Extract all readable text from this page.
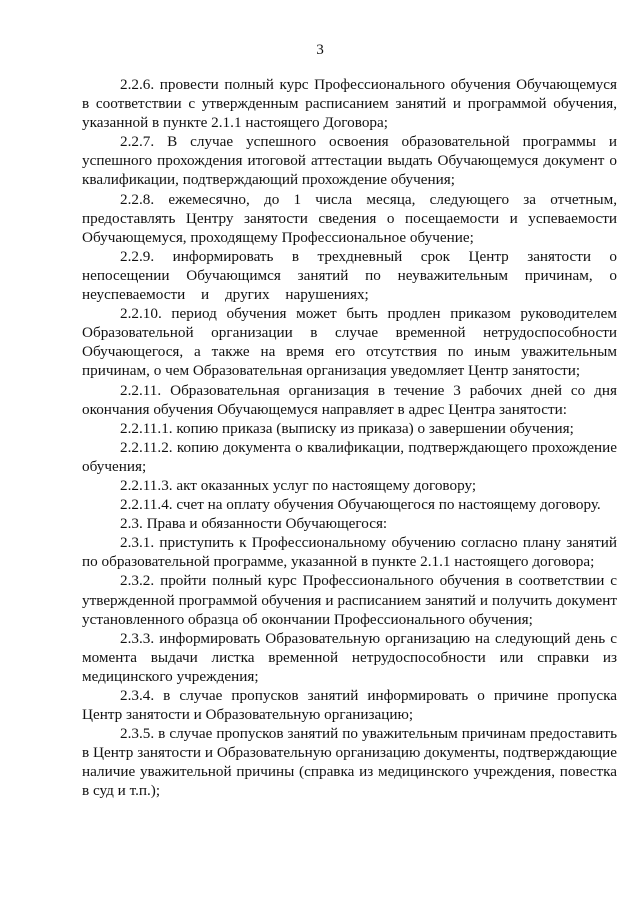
3

2.2.6. провести полный курс Профессионального обучения Обучающемуся в соответствии с утвержденным расписанием занятий и программой обучения, указанной в пункте 2.1.1 настоящего Договора;

2.2.7. В случае успешного освоения образовательной программы и успешного прохождения итоговой аттестации выдать Обучающемуся документ о квалификации, подтверждающий прохождение обучения;

2.2.8. ежемесячно, до 1 числа месяца, следующего за отчетным, предоставлять Центру занятости сведения о посещаемости и успеваемости Обучающемуся, проходящему Профессиональное обучение;

2.2.9. информировать в трехдневный срок Центр занятости о непосещении Обучающимся занятий по неуважительным причинам, о неуспеваемости и других нарушениях;

2.2.10. период обучения может быть продлен приказом руководителем Образовательной организации в случае временной нетрудоспособности Обучающегося, а также на время его отсутствия по иным уважительным причинам, о чем Образовательная организация уведомляет Центр занятости;

2.2.11. Образовательная организация в течение 3 рабочих дней со дня окончания обучения Обучающемуся направляет в адрес Центра занятости:

2.2.11.1. копию приказа (выписку из приказа) о завершении обучения;

2.2.11.2. копию документа о квалификации, подтверждающего прохождение обучения;

2.2.11.3. акт оказанных услуг по настоящему договору;

2.2.11.4. счет на оплату обучения Обучающегося по настоящему договору.

2.3. Права и обязанности Обучающегося:

2.3.1. приступить к Профессиональному обучению согласно плану занятий по образовательной программе, указанной в пункте 2.1.1 настоящего договора;

2.3.2. пройти полный курс Профессионального обучения в соответствии с утвержденной программой обучения и расписанием занятий и получить документ установленного образца об окончании Профессионального обучения;

2.3.3. информировать Образовательную организацию на следующий день с момента выдачи листка временной нетрудоспособности или справки из медицинского учреждения;

2.3.4. в случае пропусков занятий информировать о причине пропуска Центр занятости и Образовательную организацию;

2.3.5. в случае пропусков занятий по уважительным причинам предоставить в Центр занятости и Образовательную организацию документы, подтверждающие наличие уважительной причины (справка из медицинского учреждения, повестка в суд и т.п.);
